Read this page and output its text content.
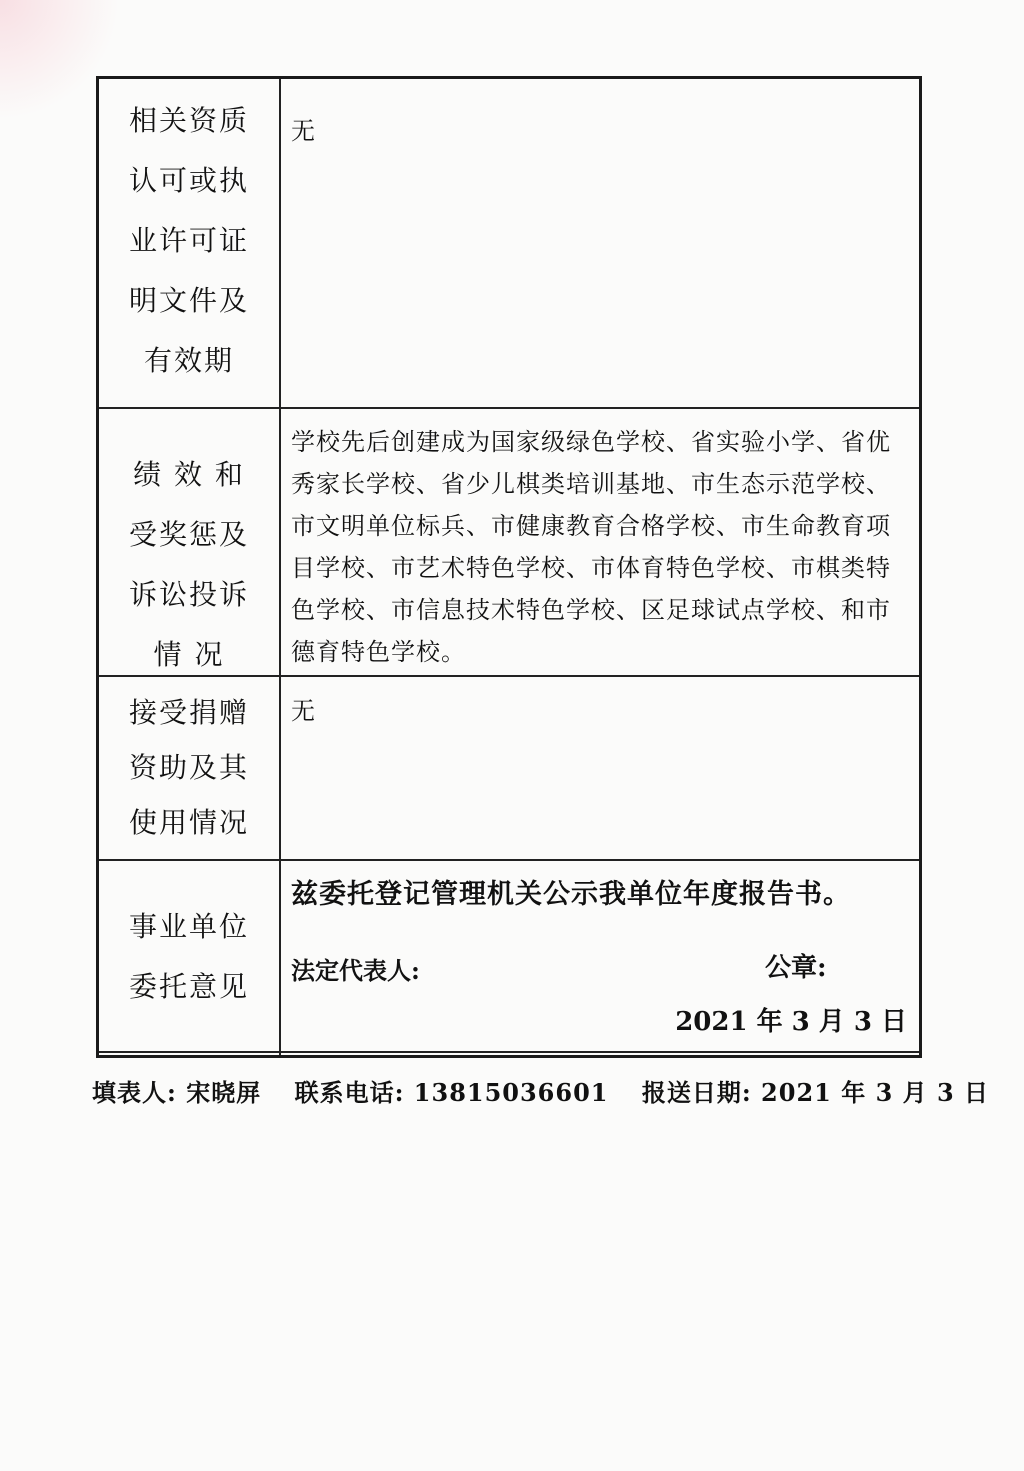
相关资质
认可或执
业许可证
明文件及
有效期
无
绩 效 和
受奖惩及
诉讼投诉
情 况
学校先后创建成为国家级绿色学校、省实验小学、省优秀家长学校、省少儿棋类培训基地、市生态示范学校、市文明单位标兵、市健康教育合格学校、市生命教育项目学校、市艺术特色学校、市体育特色学校、市棋类特色学校、市信息技术特色学校、区足球试点学校、和市德育特色学校。
接受捐赠
资助及其
使用情况
无
事业单位
委托意见
兹委托登记管理机关公示我单位年度报告书。
法定代表人:	公章:
2021 年 3 月 3 日
填表人: 宋晓屏 联系电话: 13815036601 报送日期: 2021 年 3 月 3 日
